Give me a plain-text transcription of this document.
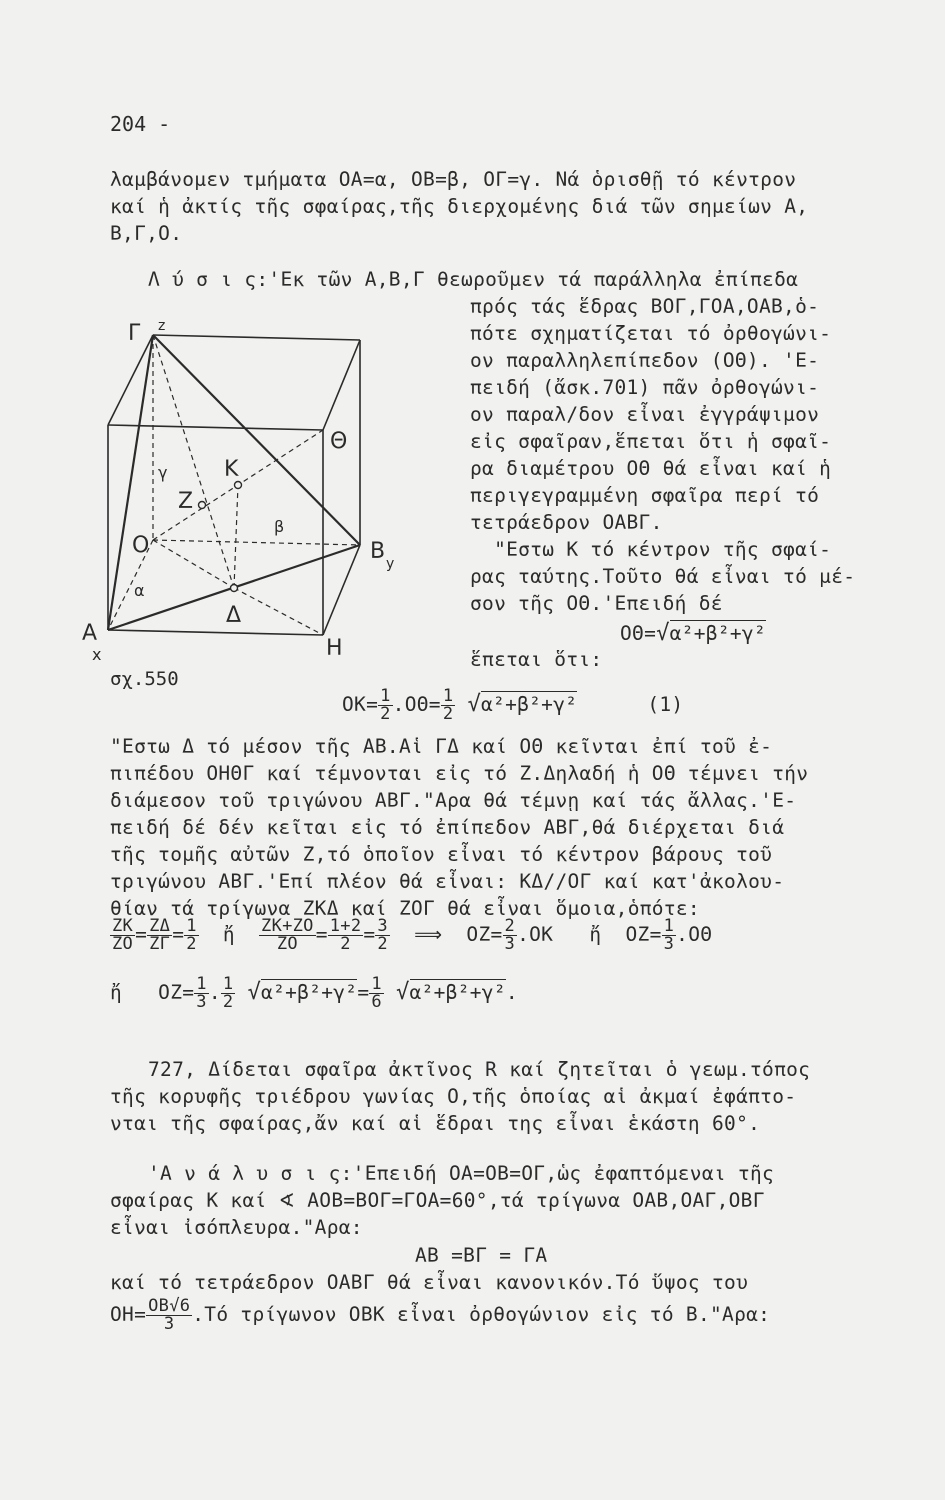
204 -
λαμβάνομεν τμήματα ΟΑ=α, ΟΒ=β, ΟΓ=γ. Νά ὁρισθῇ τό κέντρον
καί ἡ ἀκτίς τῆς σφαίρας,τῆς διερχομένης διά τῶν σημείων Α,
Β,Γ,Ο.
Λ ύ σ ι ς:'Εκ τῶν Α,Β,Γ θεωροῦμεν τά παράλληλα ἐπίπεδα
πρός τάς ἕδρας ΒΟΓ,ΓΟΑ,ΟΑΒ,ὁ-
πότε σχηματίζεται τό ὀρθογώνι-
ον παραλληλεπίπεδον (ΟΘ). 'Ε-
πειδή (ἄσκ.701) πᾶν ὀρθογώνι-
ον παραλ/δον εἶναι ἐγγράψιμον
εἰς σφαῖραν,ἕπεται ὅτι ἡ σφαῖ-
ρα διαμέτρου ΟΘ θά εἶναι καί ἡ
περιγεγραμμένη σφαῖρα περί τό
τετράεδρον ΟΑΒΓ.
"Εστω Κ τό κέντρον τῆς σφαί-
ρας ταύτης.Τοῦτο θά εἶναι τό μέ-
σον τῆς ΟΘ.'Επειδή δέ
ΟΘ=√α²+β²+γ²
ἕπεται ὅτι:
Γ z
Θ
Κ
Ζ
Ο	Β y
Α
x
Δ
Η
α
β
γ
σχ.550
$OK= \frac{1}{2} .O\Theta= \frac{1}{2} √\alpha^2+\beta^2+\gamma^2$	(1)
"Εστω Δ τό μέσον τῆς ΑΒ.Αἱ ΓΔ καί ΟΘ κεῖνται ἐπί τοῦ ἐ-
πιπέδου ΟΗΘΓ καί τέμνονται εἰς τό Ζ.Δηλαδή ἡ ΟΘ τέμνει τήν
διάμεσον τοῦ τριγώνου ΑΒΓ."Αρα θά τέμνῃ καί τάς ἄλλας.'Ε-
πειδή δέ δέν κεῖται εἰς τό ἐπίπεδον ΑΒΓ,θά διέρχεται διά
τῆς τομῆς αὐτῶν Ζ,τό ὁποῖον εἶναι τό κέντρον βάρους τοῦ
τριγώνου ΑΒΓ.'Επί πλέον θά εἶναι: ΚΔ//ΟΓ καί κατ'ἀκολου-
θίαν τά τρίγωνα ΖΚΔ καί ΖΟΓ θά εἶναι ὅμοια,ὁπότε:
$\frac{ZK}{ZO} = \frac{Z\Delta}{Z\Gamma} = \frac{1}{2}$ ἤ $\frac{ZK+ZO}{ZO} = \frac{1+2}{2} = \frac{3}{2}$ ⟹ $OZ= \frac{2}{3} .OK$ ἤ $OZ= \frac{1}{3} .O\Theta$
ἤ $OZ= \frac{1}{3}$ . $\frac{1}{2} √\alpha^2+\beta^2+\gamma^2= \frac{1}{6} √\alpha^2+\beta^2+\gamma^2$.
727, Δίδεται σφαῖρα ἀκτῖνος R καί ζητεῖται ὁ γεωμ.τόπος
τῆς κορυφῆς τριέδρου γωνίας Ο,τῆς ὁποίας αἱ ἀκμαί ἐφάπτο-
νται τῆς σφαίρας,ἄν καί αἱ ἕδραι της εἶναι ἑκάστη 60°.
'Α ν ά λ υ σ ι ς:'Επειδή ΟΑ=ΟΒ=ΟΓ,ὡς ἐφαπτόμεναι τῆς
σφαίρας Κ καί ∢ ΑΟΒ=ΒΟΓ=ΓΟΑ=60°,τά τρίγωνα ΟΑΒ,ΟΑΓ,ΟΒΓ
εἶναι ἰσόπλευρα."Αρα:
ΑΒ =ΒΓ = ΓΑ
καί τό τετράεδρον ΟΑΒΓ θά εἶναι κανονικόν.Τό ὕψος του
$OH= \frac{OB√6}{3} .Tό$ τρίγωνον ΟΒΚ εἶναι ὀρθογώνιον εἰς τό Β."Αρα:
